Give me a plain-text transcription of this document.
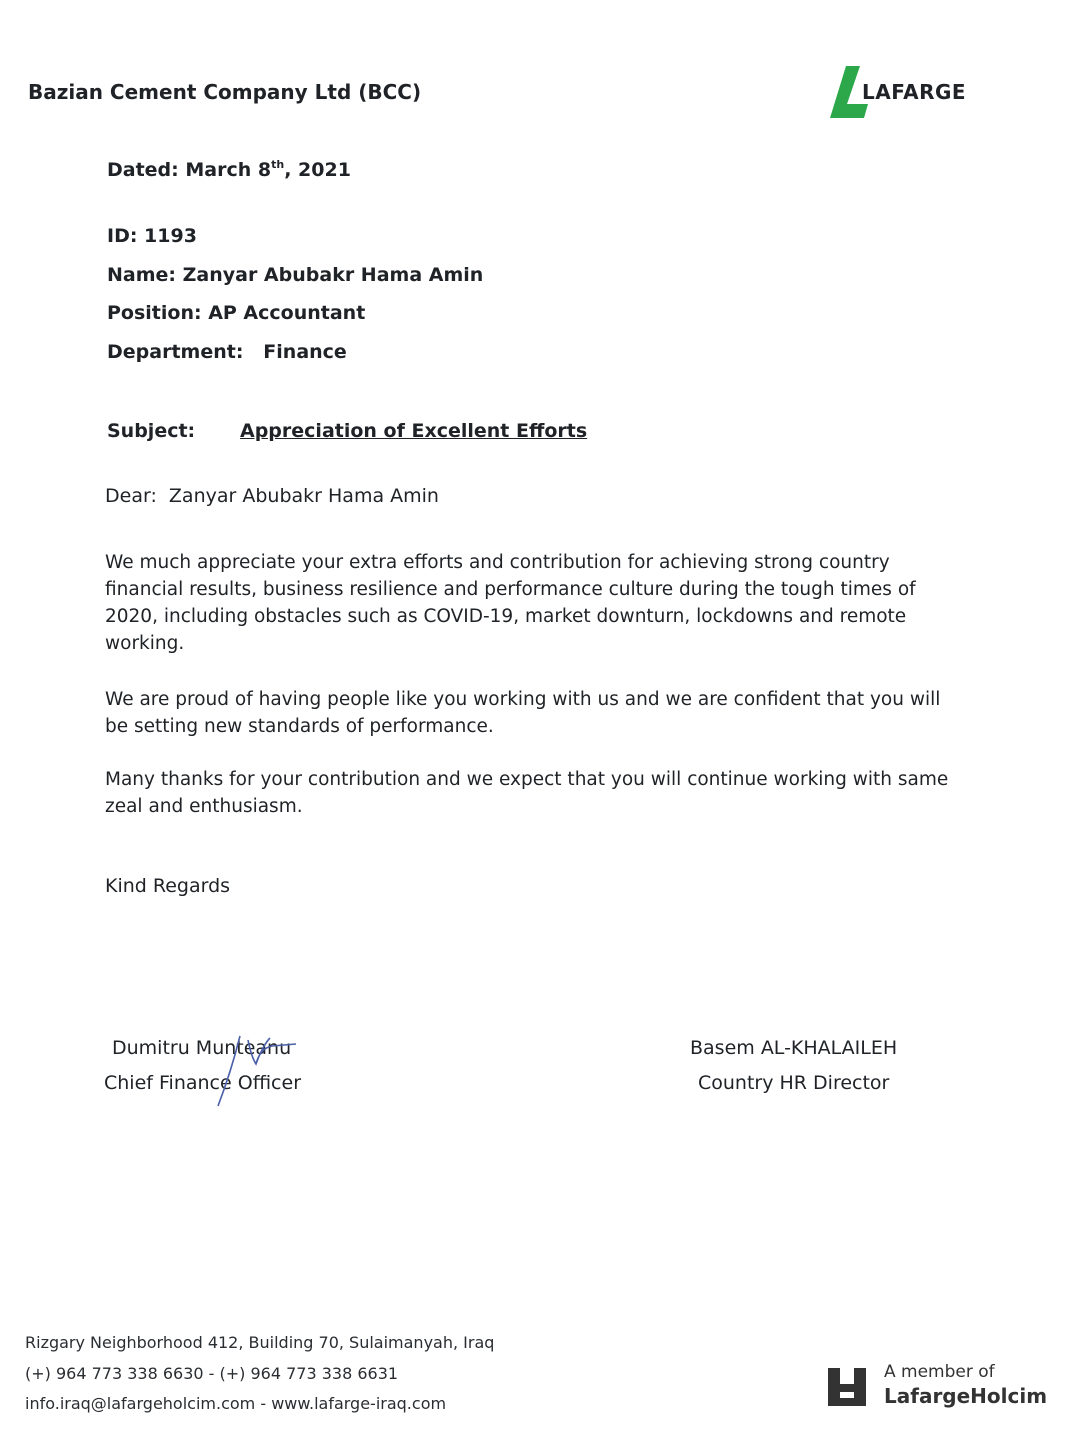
Bazian Cement Company Ltd (BCC)	LAFARGE
Dated: March 8th, 2021
ID: 1193
Name: Zanyar Abubakr Hama Amin
Position: AP Accountant
Department: Finance
Subject: Appreciation of Excellent Efforts
Dear:  Zanyar Abubakr Hama Amin
We much appreciate your extra efforts and contribution for achieving strong country financial results, business resilience and performance culture during the tough times of 2020, including obstacles such as COVID-19, market downturn, lockdowns and remote working.
We are proud of having people like you working with us and we are confident that you will be setting new standards of performance.
Many thanks for your contribution and we expect that you will continue working with same zeal and enthusiasm.
Kind Regards
Dumitru Munteanu
Chief Finance Officer
Basem AL-KHALAILEH
Country HR Director
Rizgary Neighborhood 412, Building 70, Sulaimanyah, Iraq
(+) 964 773 338 6630 - (+) 964 773 338 6631
info.iraq@lafargeholcim.com - www.lafarge-iraq.com
A member of
LafargeHolcim
